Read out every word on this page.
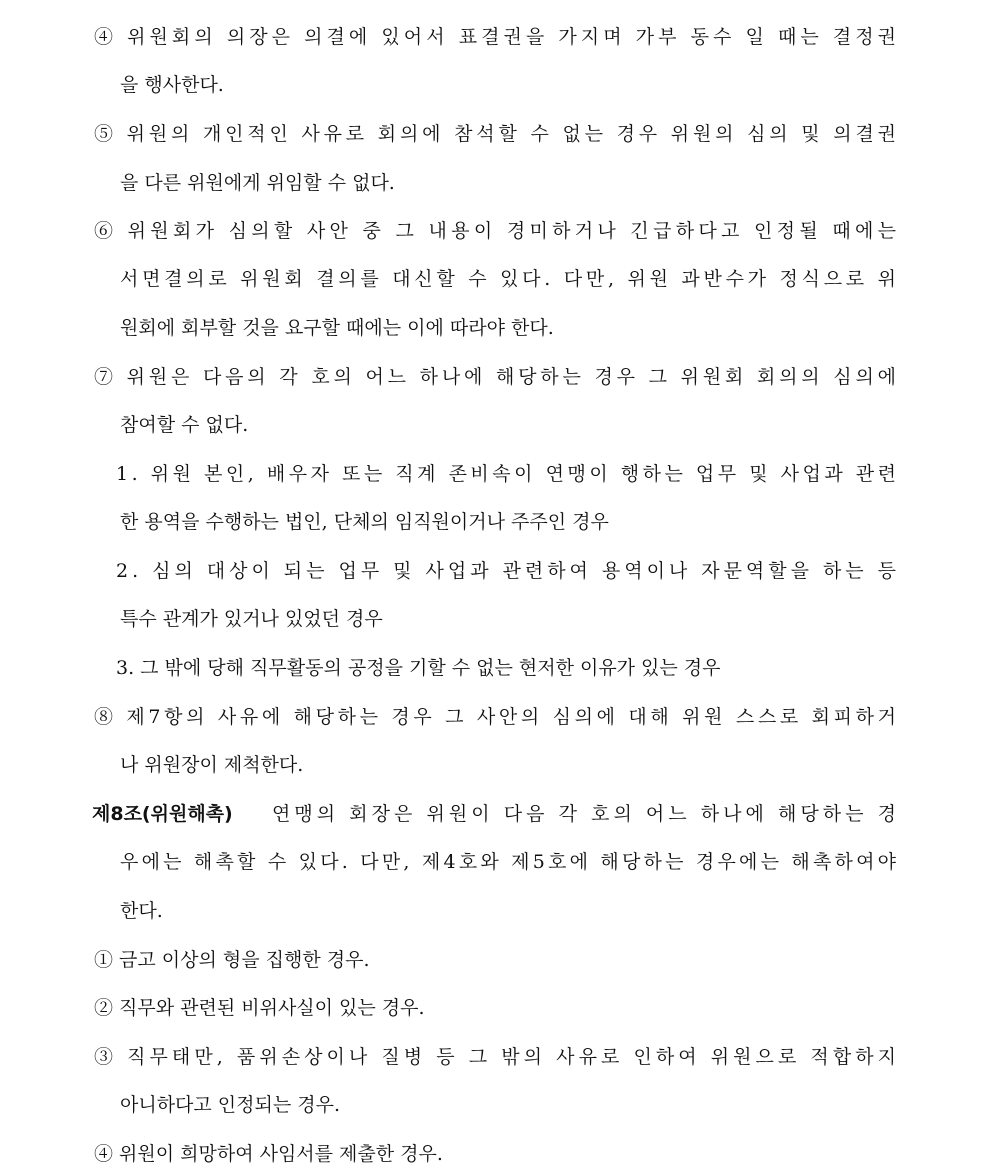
④ 위원회의 의장은 의결에 있어서 표결권을 가지며 가부 동수 일 때는 결정권
을 행사한다.
⑤ 위원의 개인적인 사유로 회의에 참석할 수 없는 경우 위원의 심의 및 의결권
을 다른 위원에게 위임할 수 없다.
⑥ 위원회가 심의할 사안 중 그 내용이 경미하거나 긴급하다고 인정될 때에는
서면결의로 위원회 결의를 대신할 수 있다. 다만, 위원 과반수가 정식으로 위
원회에 회부할 것을 요구할 때에는 이에 따라야 한다.
⑦ 위원은 다음의 각 호의 어느 하나에 해당하는 경우 그 위원회 회의의 심의에
참여할 수 없다.
1. 위원 본인, 배우자 또는 직계 존비속이 연맹이 행하는 업무 및 사업과 관련
한 용역을 수행하는 법인, 단체의 임직원이거나 주주인 경우
2. 심의 대상이 되는 업무 및 사업과 관련하여 용역이나 자문역할을 하는 등
특수 관계가 있거나 있었던 경우
3. 그 밖에 당해 직무활동의 공정을 기할 수 없는 현저한 이유가 있는 경우
⑧ 제7항의 사유에 해당하는 경우 그 사안의 심의에 대해 위원 스스로 회피하거
나 위원장이 제척한다.
제8조(위원해촉) 연맹의 회장은 위원이 다음 각 호의 어느 하나에 해당하는 경
우에는 해촉할 수 있다. 다만, 제4호와 제5호에 해당하는 경우에는 해촉하여야
한다.
① 금고 이상의 형을 집행한 경우.
② 직무와 관련된 비위사실이 있는 경우.
③ 직무태만, 품위손상이나 질병 등 그 밖의 사유로 인하여 위원으로 적합하지
아니하다고 인정되는 경우.
④ 위원이 희망하여 사임서를 제출한 경우.
